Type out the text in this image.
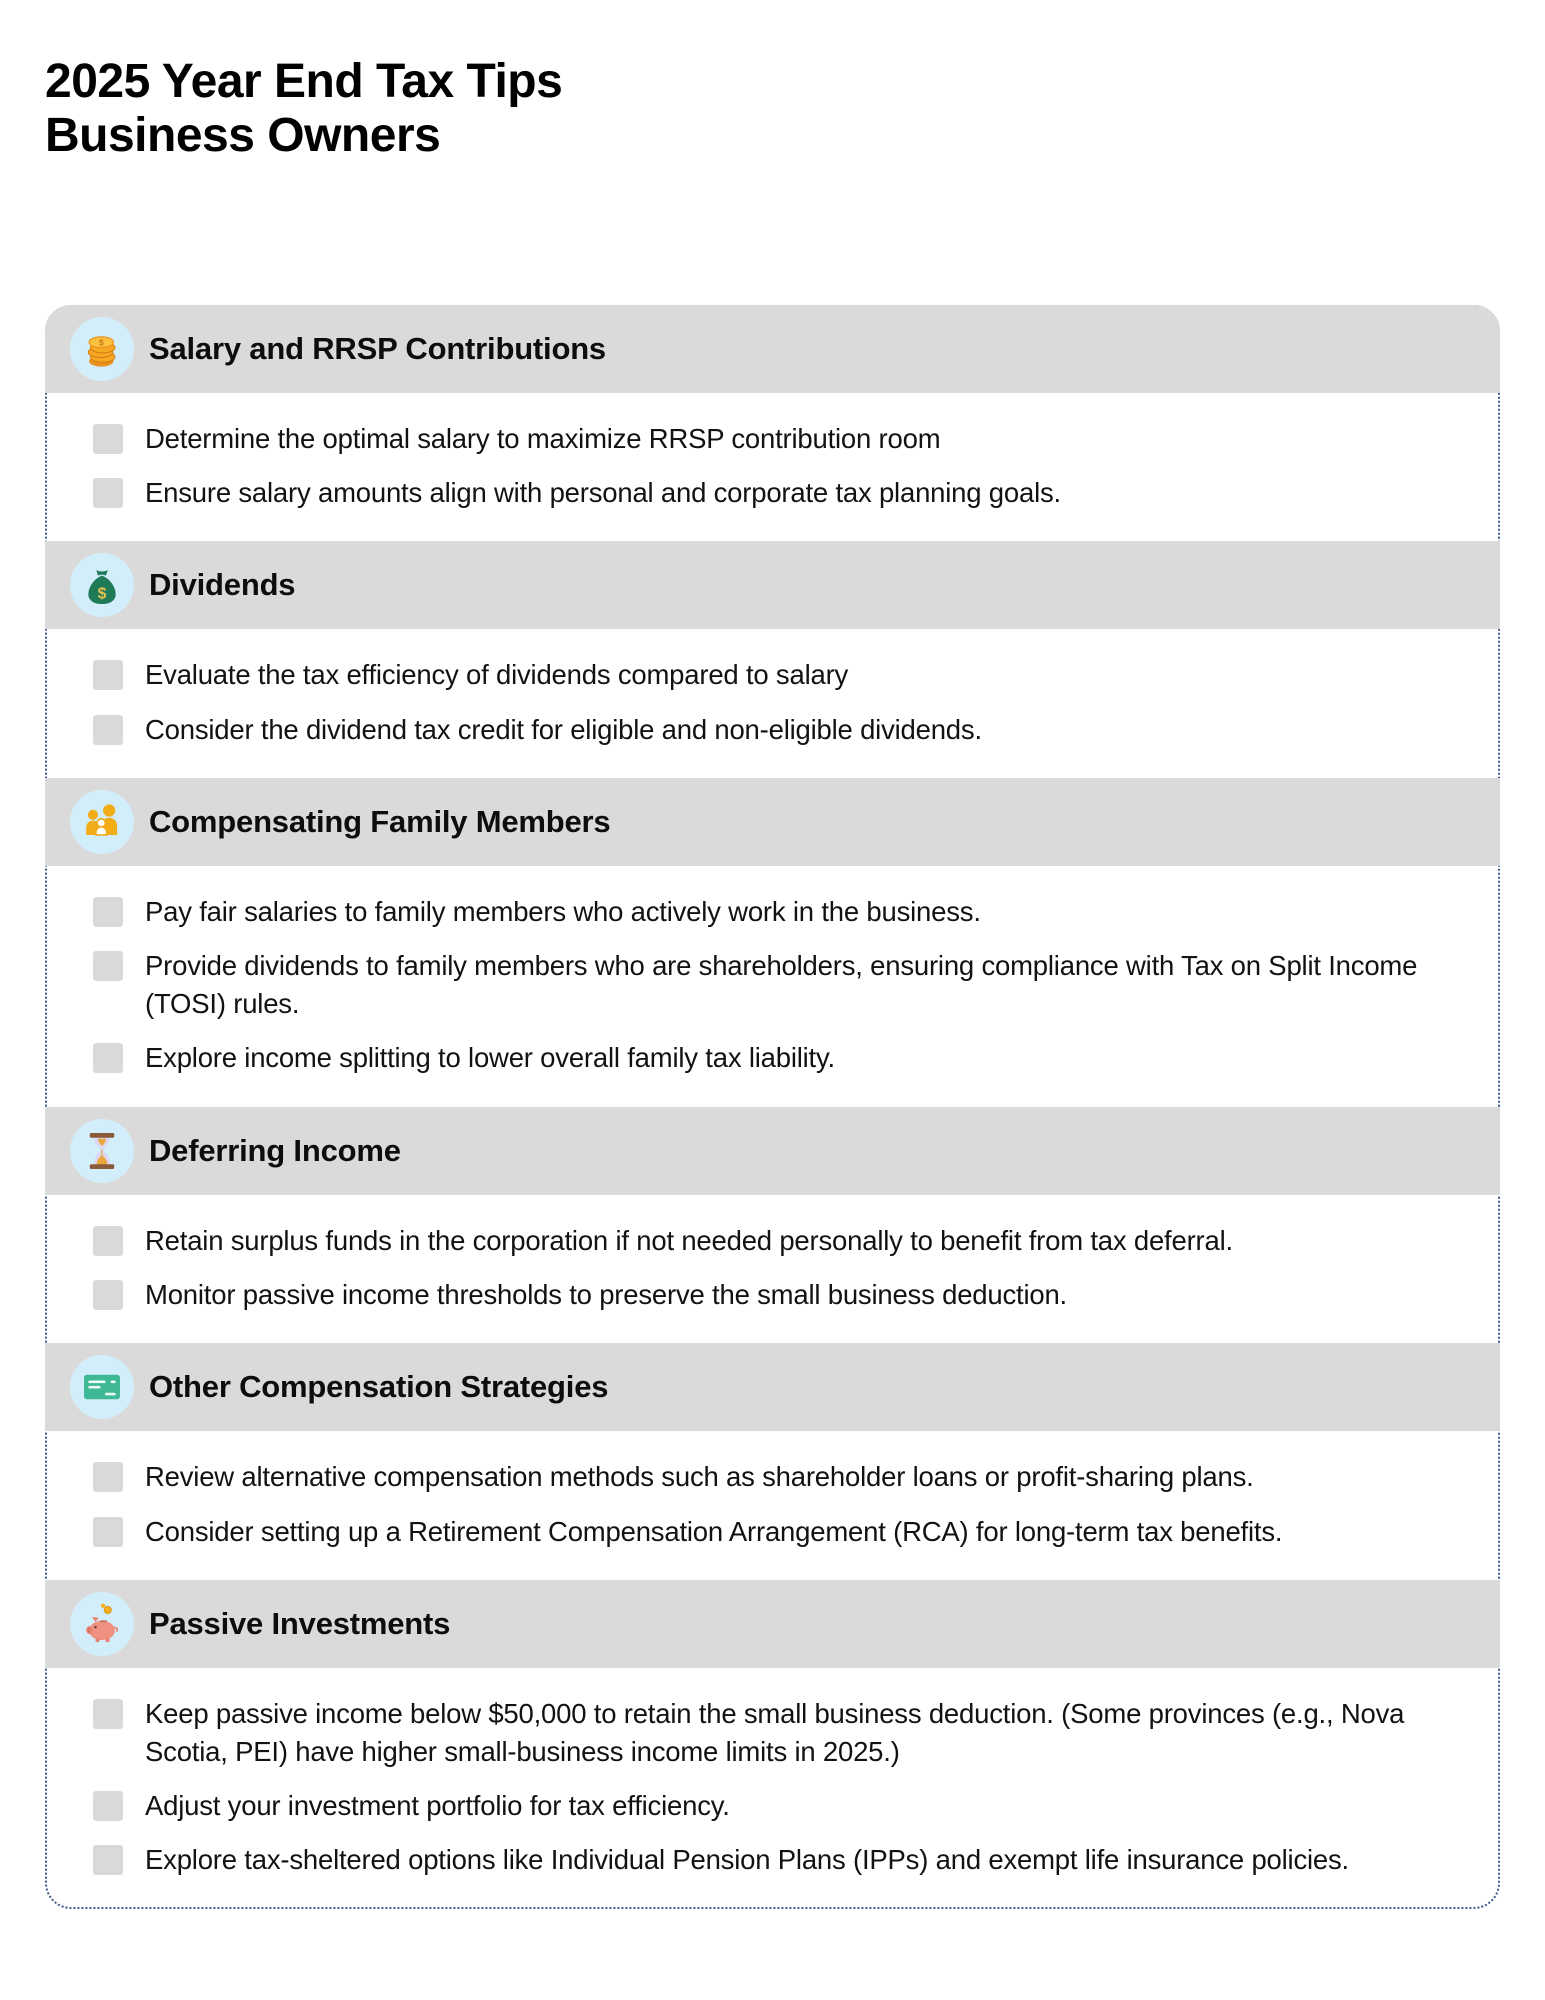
2025 Year End Tax Tips
Business Owners
$ Salary and RRSP Contributions
Determine the optimal salary to maximize RRSP contribution room
Ensure salary amounts align with personal and corporate tax planning goals.
$ Dividends
Evaluate the tax efficiency of dividends compared to salary
Consider the dividend tax credit for eligible and non-eligible dividends.
Compensating Family Members
Pay fair salaries to family members who actively work in the business.
Provide dividends to family members who are shareholders, ensuring compliance with Tax on Split Income (TOSI) rules.
Explore income splitting to lower overall family tax liability.
Deferring Income
Retain surplus funds in the corporation if not needed personally to benefit from tax deferral.
Monitor passive income thresholds to preserve the small business deduction.
Other Compensation Strategies
Review alternative compensation methods such as shareholder loans or profit-sharing plans.
Consider setting up a Retirement Compensation Arrangement (RCA) for long-term tax benefits.
Passive Investments
Keep passive income below $50,000 to retain the small business deduction. (Some provinces (e.g., Nova Scotia, PEI) have higher small-business income limits in 2025.)
Adjust your investment portfolio for tax efficiency.
Explore tax-sheltered options like Individual Pension Plans (IPPs) and exempt life insurance policies.
